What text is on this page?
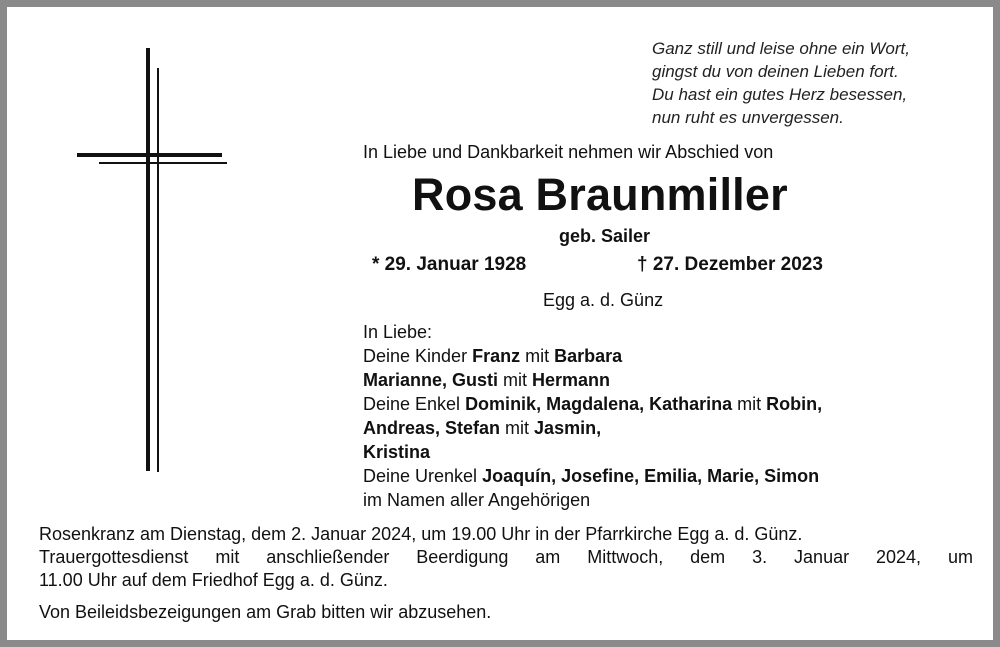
Ganz still und leise ohne ein Wort,
gingst du von deinen Lieben fort.
Du hast ein gutes Herz besessen,
nun ruht es unvergessen.
In Liebe und Dankbarkeit nehmen wir Abschied von
Rosa Braunmiller
geb. Sailer
* 29. Januar 1928	† 27. Dezember 2023
Egg a. d. Günz
In Liebe:
Deine Kinder Franz mit Barbara
Marianne, Gusti mit Hermann
Deine Enkel Dominik, Magdalena, Katharina mit Robin,
Andreas, Stefan mit Jasmin,
Kristina
Deine Urenkel Joaquín, Josefine, Emilia, Marie, Simon
im Namen aller Angehörigen
Rosenkranz am Dienstag, dem 2. Januar 2024, um 19.00 Uhr in der Pfarrkirche Egg a. d. Günz.
Trauergottesdienst mit anschließender Beerdigung am Mittwoch, dem 3. Januar 2024, um
11.00 Uhr auf dem Friedhof Egg a. d. Günz.
Von Beileidsbezeigungen am Grab bitten wir abzusehen.
